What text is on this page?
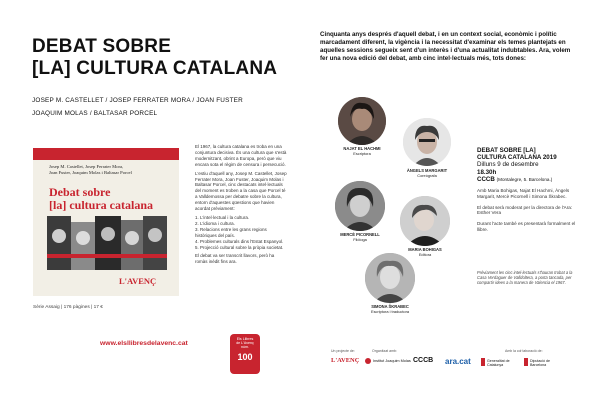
DEBAT SOBRE
[LA] CULTURA CATALANA
JOSEP M. CASTELLET / JOSEP FERRATER MORA / JOAN FUSTER
JOAQUIM MOLAS / BALTASAR PORCEL
Josep M. Castellet, Josep Ferrater Mora,
Joan Fuster, Joaquim Molas i Baltasar Porcel
Debat sobre
[la] cultura catalana
L'AVENÇ
Sèrie Assaig | 176 pàgines | 17 €

El 1967, la cultura catalana es troba en una conjuntura decisiva. És una cultura que s'està modernitzant, obrint a Europa, però que viu encara sota el règim de censura i persecució.

L'estiu d'aquell any, Josep M. Castellet, Josep Ferrater Mora, Joan Fuster, Joaquim Molas i Baltasar Porcel, cinc destacats intel·lectuals del moment es troben a la casa que Porcel té a Valldemossa per debatre sobre la cultura, entorn d'aquestes qüestions que havien acordat prèviament:

1. L'intel·lectual i la cultura.
2. L'idioma i cultura.
3. Relacions entre les grans regions històriques del país.
4. Problemes culturals dins l'Estat Espanyol.
5. Projecció cultural sobre la pròpia societat.

El debat va ser transcrit llavors, però ha romàs inèdit fins ara.

www.elsllibresdelavenc.cat
Els Llibres
de L'Avenç
núm.
100
Cinquanta anys després d'aquell debat, i en un context social, econòmic i polític marcadament diferent, la vigència i la necessitat d'examinar els temes plantejats en aquelles sessions segueix sent d'un interès i d'una actualitat indubtables. Ara, volem fer una nova edició del debat, amb cinc intel·lectuals més, tots dones:
NAJAT EL HACHMI
Escriptora
ÀNGELS MARGARIT
Coreògrafa
MERCÈ PICORNELL
Filòloga
MARIA BOHIGAS
Editora
SIMONA ŠKRABEC
Escriptora i traductora
DEBAT SOBRE [LA]
CULTURA CATALANA 2019
Dilluns 9 de desembre
18.30h
CCCB (Montalegre, 5. Barcelona.)
Amb Maria Bohigas, Najat El Hachmi, Àngels Margarit, Mercè Picornell i Simona Škrabec.
El debat serà moderat per la directora de l'Ara: Esther Vera
Durant l'acte també es presentarà formalment el llibre.
Prèviament les cinc intel·lectuals s'hauran trobat a la Casa Verdaguer de Valldoltera, a porta tancada, per compartir idees a la manera de Valencia el 1967.
Un projecte de:	Organitzat amb:	Amb la col·laboració de:
L'AVENÇ	Institut Joaquim Molas CCCB ara.cat	Generalitat de Catalunya
Diputació de Barcelona
